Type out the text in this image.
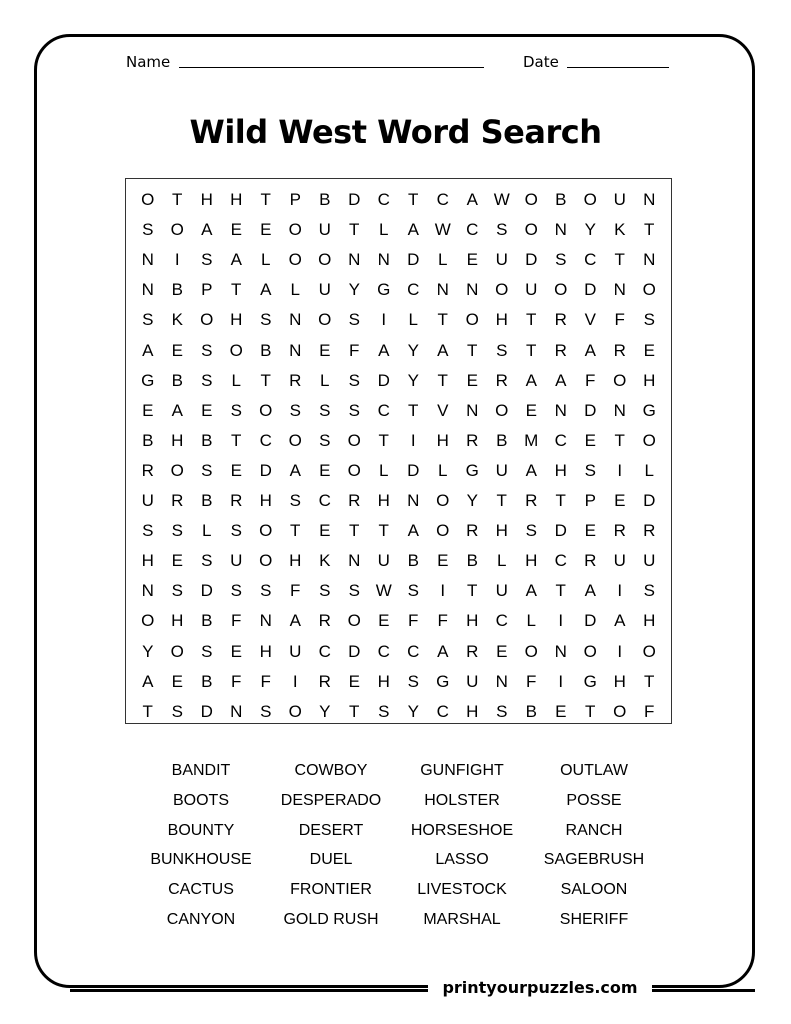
Name	Date
Wild West Word Search
O	T	H	H	T	P	B	D	C	T	C	A W O	B	O U	N
S	O	A	E	E	O U	T	L	A W C	S	O N	Y	K	T
N	I	S	A	L	O O N	N	D	L	E	U	D	S	C	T	N
N	B	P	T	A	L	U	Y	G C	N	N O U O D	N O
S	K	O H	S	N O	S	I	L	T	O H	T	R	V	F	S
A	E	S	O	B	N	E	F	A	Y	A	T	S	T	R	A	R	E
G	B	S	L	T	R	L	S	D	Y	T	E	R	A	A	F	O H
E	A	E	S	O	S	S	S	C	T	V	N O	E	N	D	N G
B	H	B	T	C O	S	O	T	I	H	R	B M C	E	T	O
R O	S	E	D	A	E	O	L	D	L	G U	A	H	S	I	L
U	R	B	R	H	S	C	R	H	N O	Y	T	R	T	P	E	D
S	S	L	S	O	T	E	T	T	A	O R	H	S	D	E	R	R
H	E	S	U O H	K	N	U	B	E	B	L	H	C	R	U	U
N	S	D	S	S	F	S	S W S	I	T	U	A	T	A	I	S
O H	B	F	N	A	R O	E	F	F	H	C	L	I	D	A	H
Y	O	S	E	H	U	C	D	C	C	A	R	E	O N O	I	O
A	E	B	F	F	I	R	E	H	S	G U	N	F	I	G H	T
T	S	D	N	S	O	Y	T	S	Y	C	H	S	B	E	T	O	F
BANDIT	COWBOY	GUNFIGHT	OUTLAW
BOOTS	DESPERADO	HOLSTER	POSSE
BOUNTY	DESERT	HORSESHOE	RANCH
BUNKHOUSE	DUEL	LASSO	SAGEBRUSH
CACTUS	FRONTIER	LIVESTOCK	SALOON
CANYON	GOLD RUSH	MARSHAL	SHERIFF
printyourpuzzles.com
